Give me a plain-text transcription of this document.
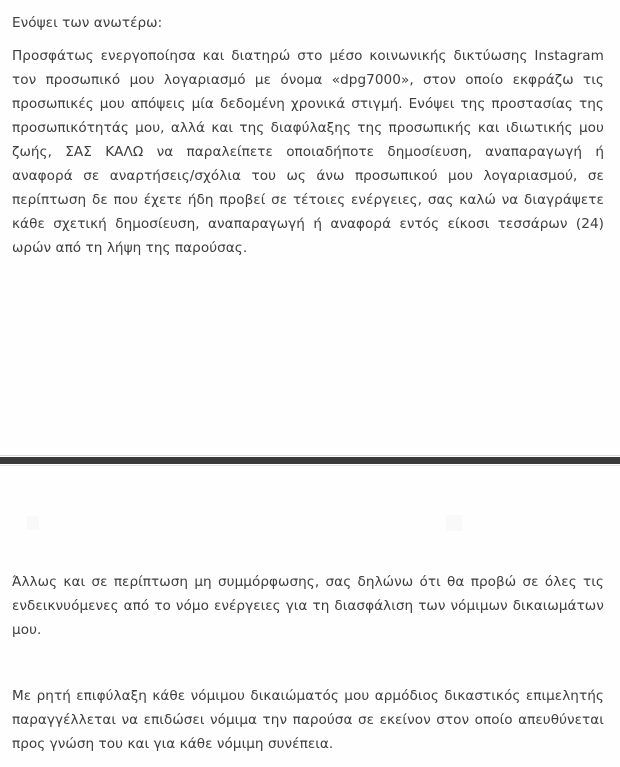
Ενόψει των ανωτέρω:
Προσφάτως ενεργοποίησα και διατηρώ στο μέσο κοινωνικής δικτύωσης Instagram
τον προσωπικό μου λογαριασμό με όνομα «dpg7000», στον οποίο εκφράζω τις
προσωπικές μου απόψεις μία δεδομένη χρονικά στιγμή. Ενόψει της προστασίας της
προσωπικότητάς μου, αλλά και της διαφύλαξης της προσωπικής και ιδιωτικής μου
ζωής, ΣΑΣ ΚΑΛΩ να παραλείπετε οποιαδήποτε δημοσίευση, αναπαραγωγή ή
αναφορά σε αναρτήσεις/σχόλια του ως άνω προσωπικού μου λογαριασμού, σε
περίπτωση δε που έχετε ήδη προβεί σε τέτοιες ενέργειες, σας καλώ να διαγράψετε
κάθε σχετική δημοσίευση, αναπαραγωγή ή αναφορά εντός είκοσι τεσσάρων (24)
ωρών από τη λήψη της παρούσας.
Άλλως και σε περίπτωση μη συμμόρφωσης, σας δηλώνω ότι θα προβώ σε όλες τις
ενδεικνυόμενες από το νόμο ενέργειες για τη διασφάλιση των νόμιμων δικαιωμάτων
μου.
Με ρητή επιφύλαξη κάθε νόμιμου δικαιώματός μου αρμόδιος δικαστικός επιμελητής
παραγγέλλεται να επιδώσει νόμιμα την παρούσα σε εκείνον στον οποίο απευθύνεται
προς γνώση του και για κάθε νόμιμη συνέπεια.
